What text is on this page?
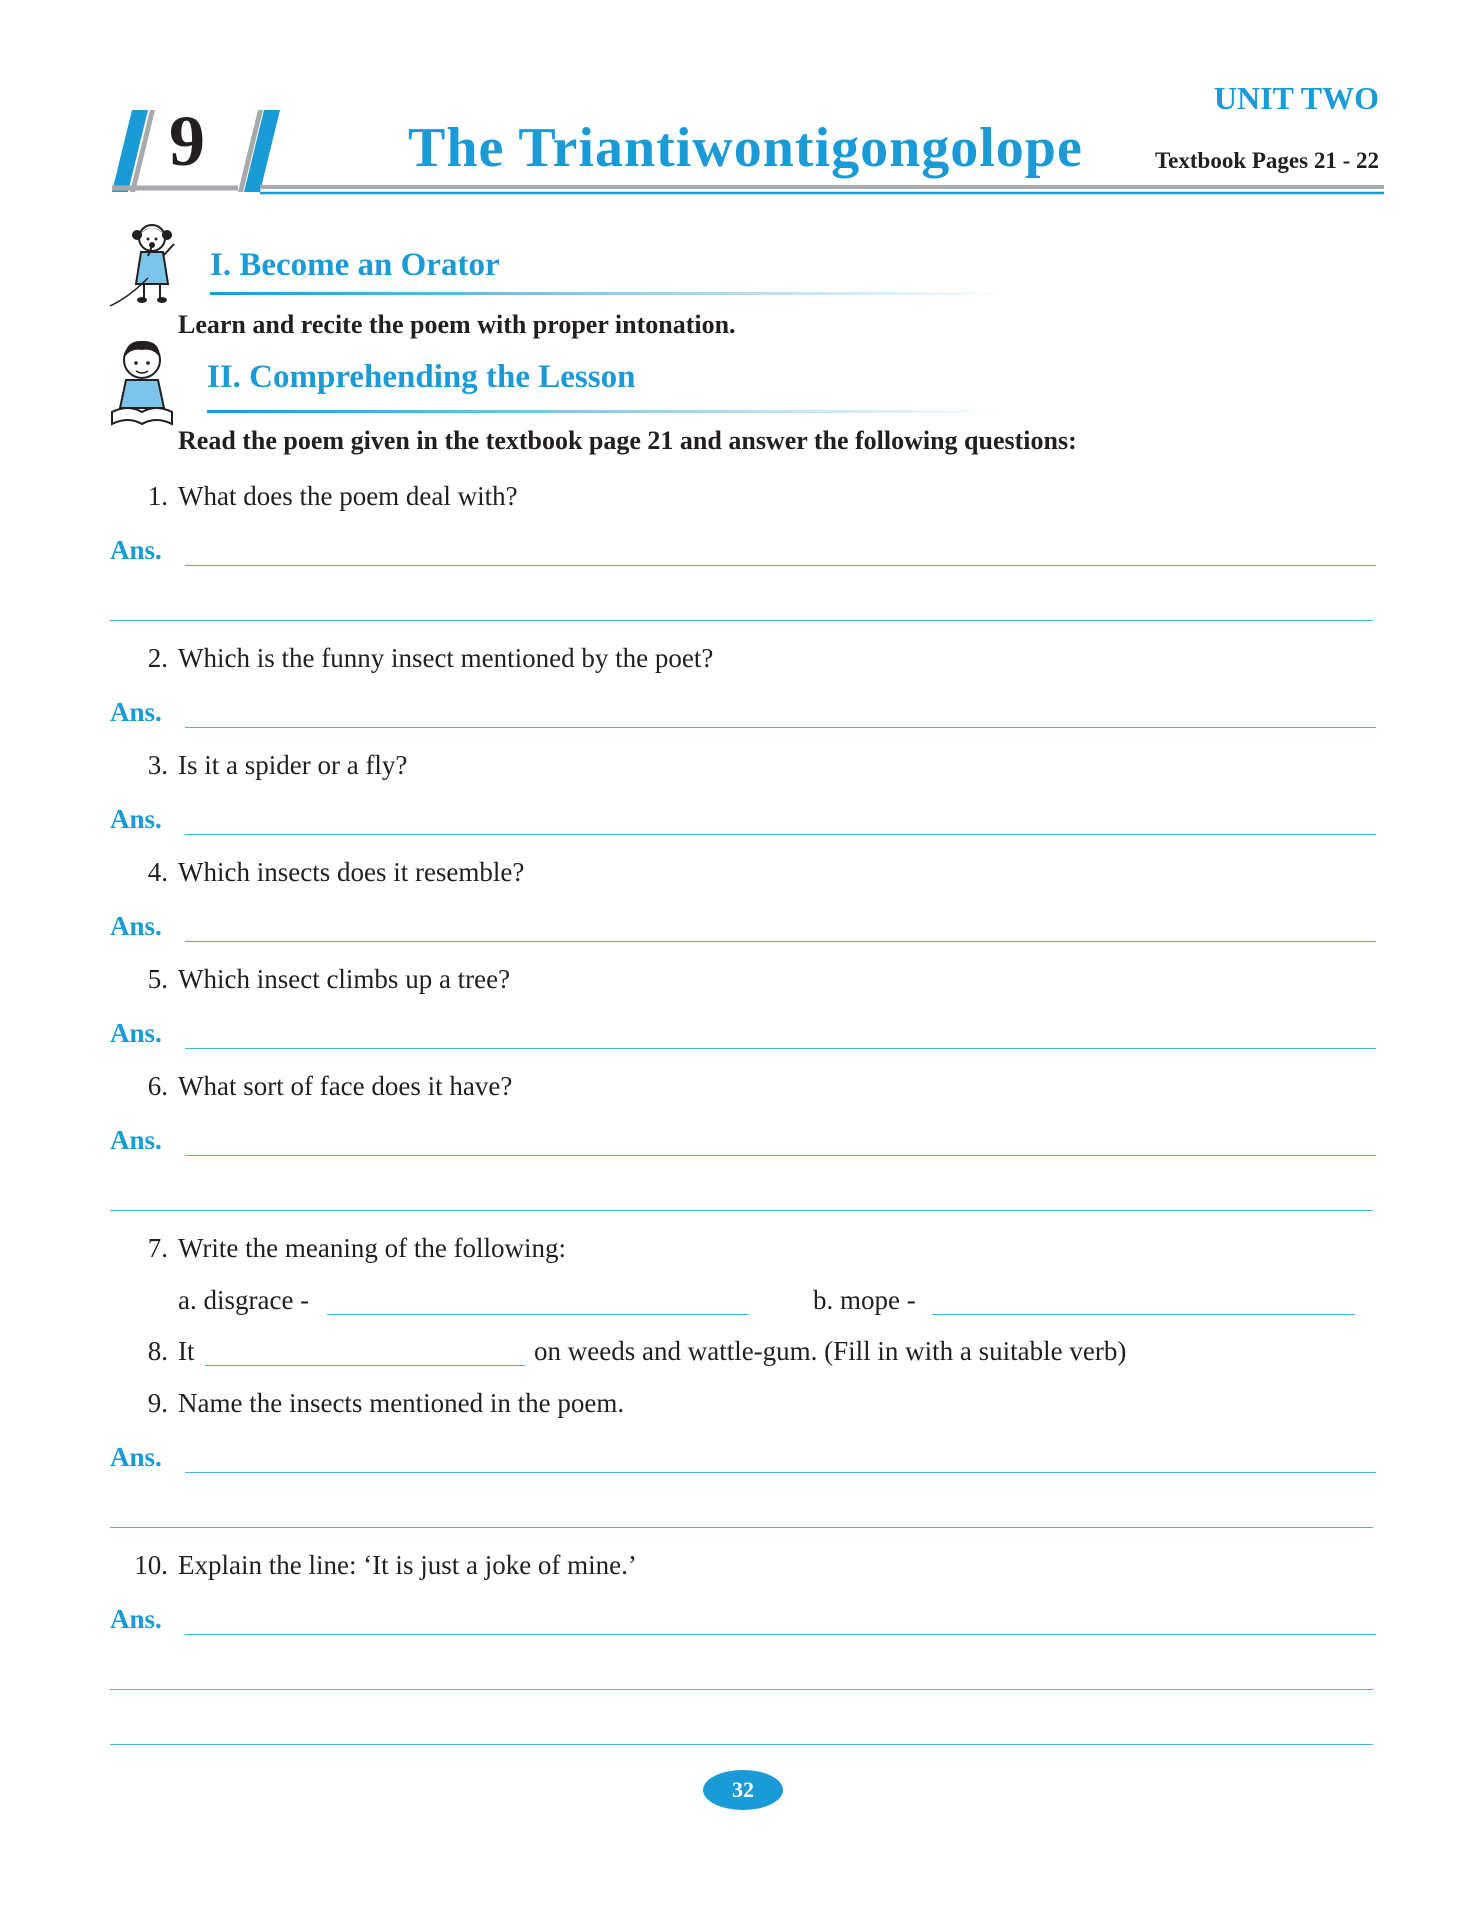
9
UNIT TWO
The Triantiwontigongolope	Textbook Pages 21 - 22
I. Become an Orator
Learn and recite the poem with proper intonation.
II. Comprehending the Lesson
Read the poem given in the textbook page 21 and answer the following questions:
1. What does the poem deal with?
Ans.
2. Which is the funny insect mentioned by the poet?
Ans.
3. Is it a spider or a fly?
Ans.
4. Which insects does it resemble?
Ans.
5. Which insect climbs up a tree?
Ans.
6. What sort of face does it have?
Ans.
7. Write the meaning of the following:
a. disgrace -	b. mope -
8. It	on weeds and wattle-gum. (Fill in with a suitable verb)
9. Name the insects mentioned in the poem.
Ans.
10. Explain the line: ‘It is just a joke of mine.’
Ans.
32
